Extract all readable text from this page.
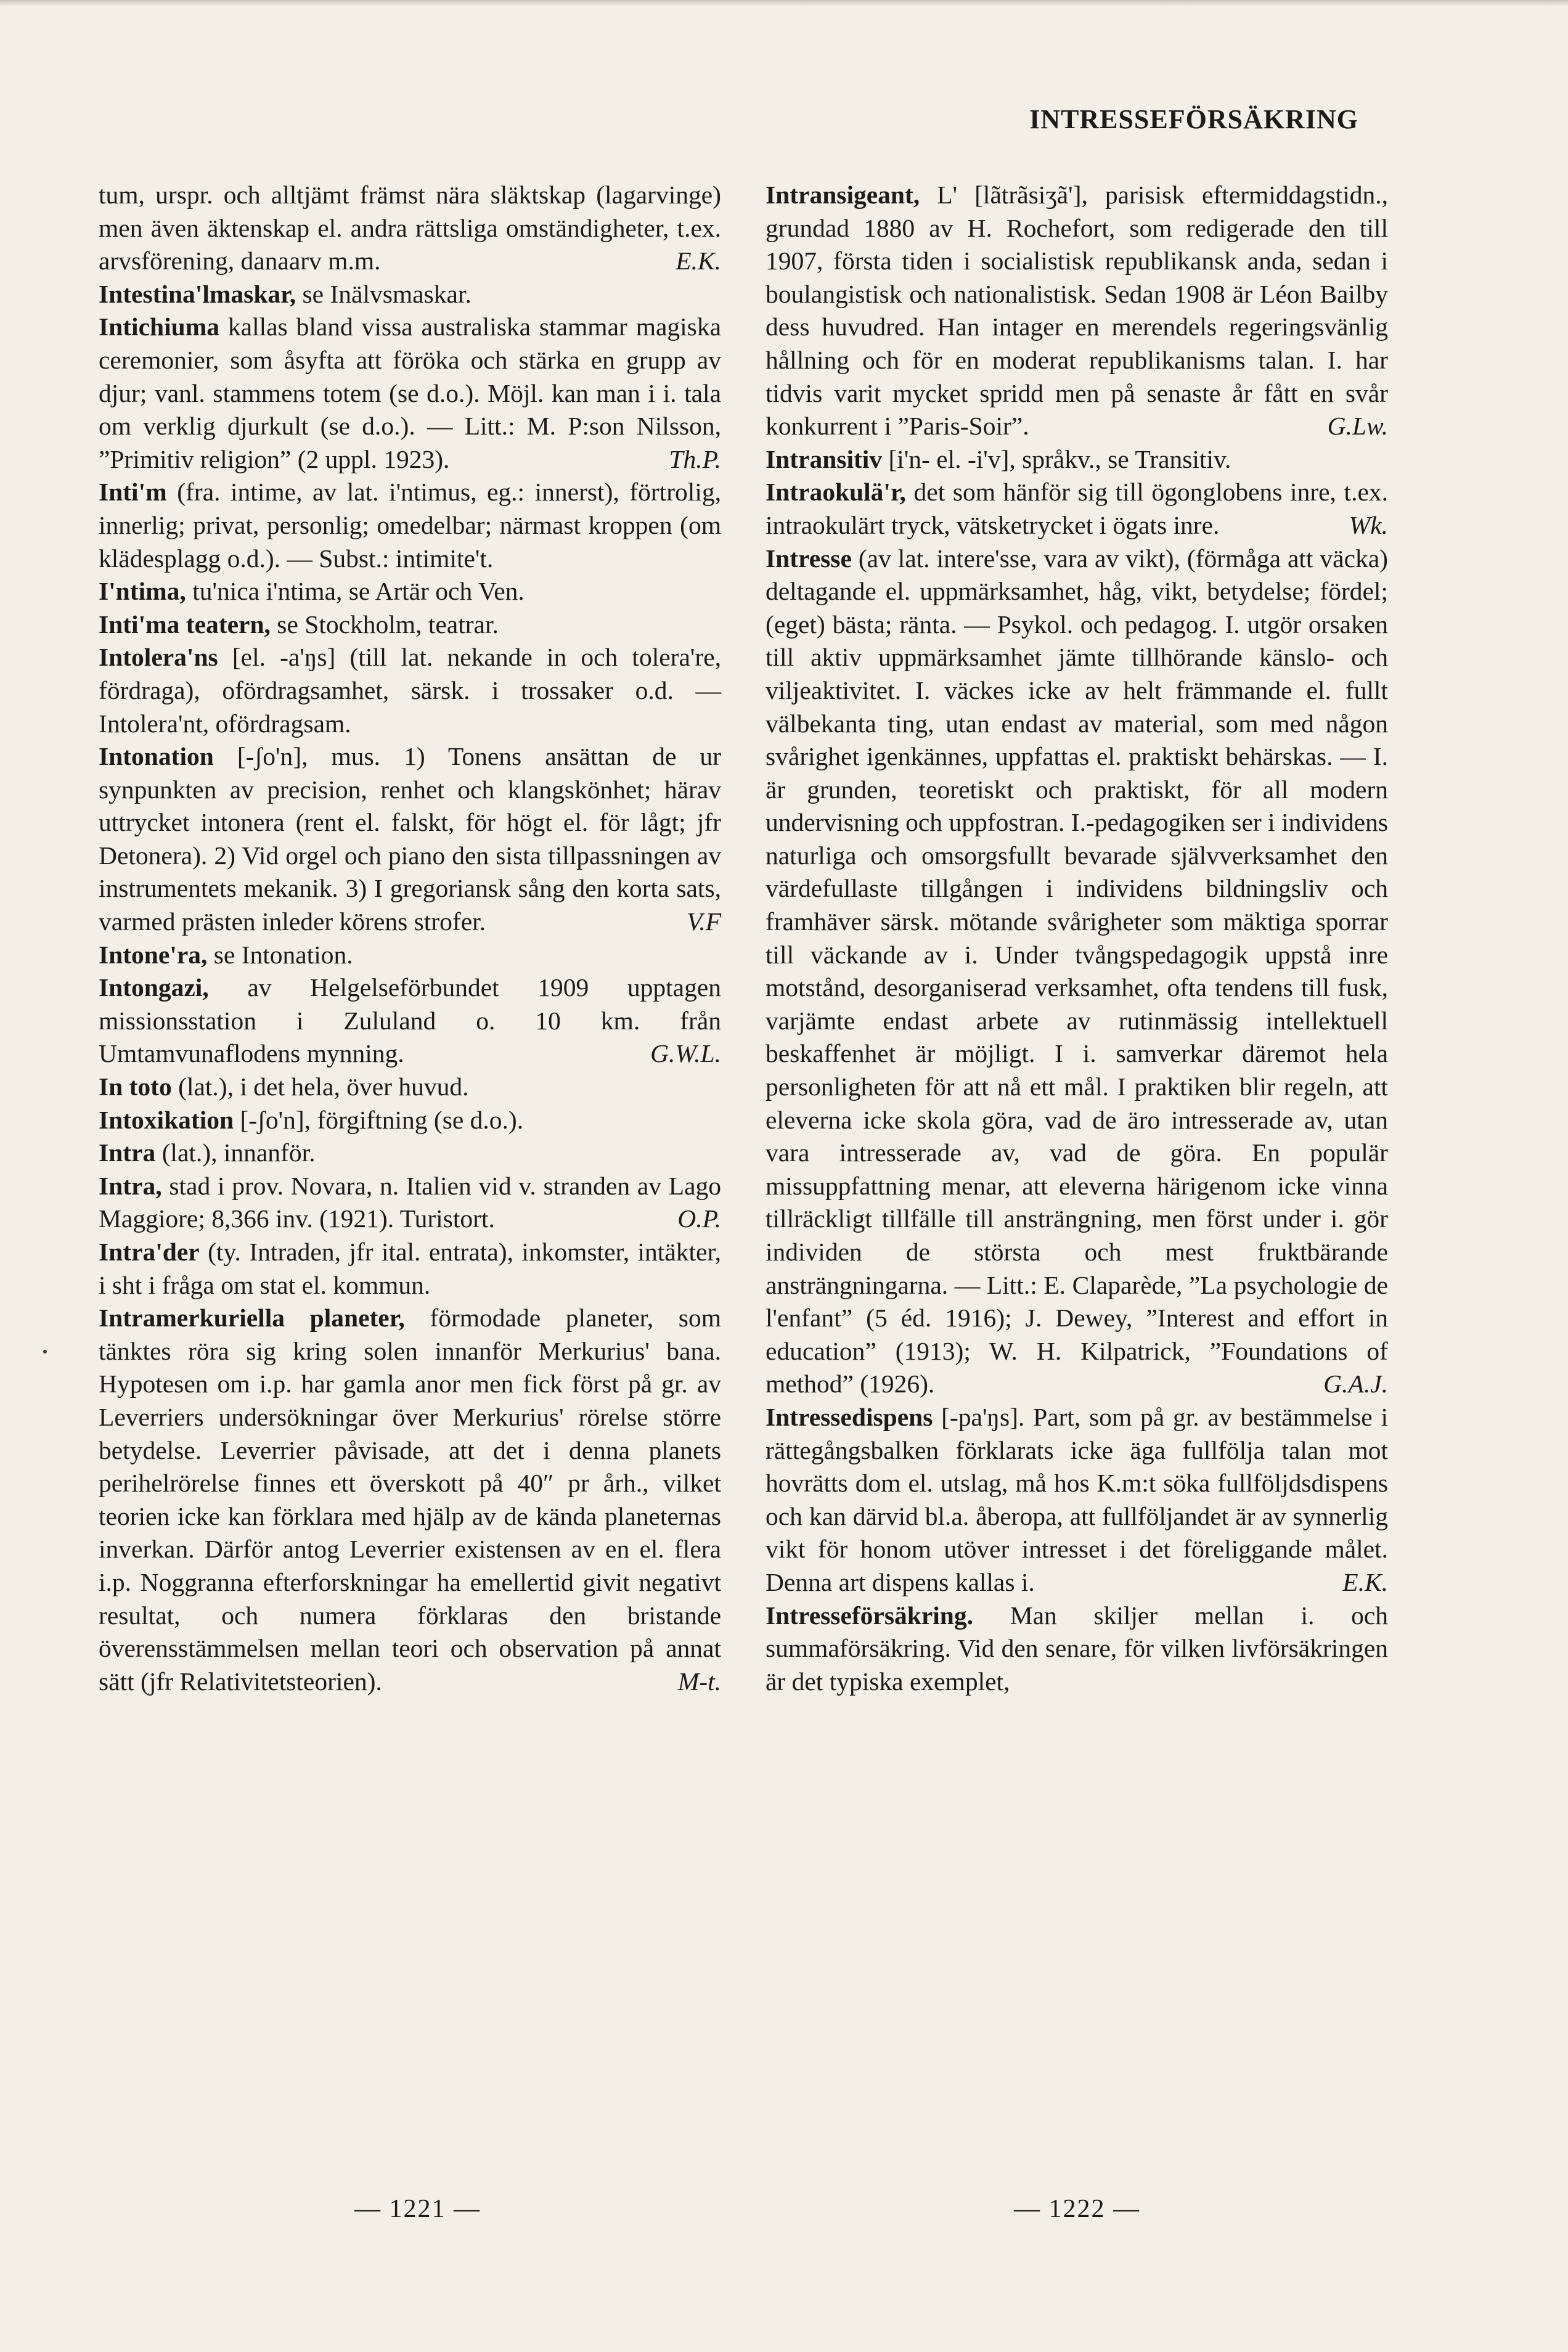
INTRESSEFÖRSÄKRING

tum, urspr. och alltjämt främst nära släktskap (lagarvinge) men även äktenskap el. andra rättsliga omständigheter, t.ex. arvsförening, danaarv m.m.	E.K.

Intestina'lmaskar, se Inälvsmaskar.

Intichiuma kallas bland vissa australiska stammar magiska ceremonier, som åsyfta att föröka och stärka en grupp av djur; vanl. stammens totem (se d.o.). Möjl. kan man i i. tala om verklig djurkult (se d.o.). — Litt.: M. P:son Nilsson, ”Primitiv religion” (2 uppl. 1923).	Th.P.

Inti'm (fra. intime, av lat. i'ntimus, eg.: innerst), förtrolig, innerlig; privat, personlig; omedelbar; närmast kroppen (om klädesplagg o.d.). — Subst.: intimite't.

I'ntima, tu'nica i'ntima, se Artär och Ven.

Inti'ma teatern, se Stockholm, teatrar.

Intolera'ns [el. -a'ŋs] (till lat. nekande in och tolera're, fördraga), ofördragsamhet, särsk. i trossaker o.d. — Intolera'nt, ofördragsam.

Intonation [-ʃo'n], mus. 1) Tonens ansättan de ur synpunkten av precision, renhet och klangskönhet; härav uttrycket intonera (rent el. falskt, för högt el. för lågt; jfr Detonera). 2) Vid orgel och piano den sista tillpassningen av instrumentets mekanik. 3) I gregoriansk sång den korta sats, varmed prästen inleder körens strofer.	V.F

Intone'ra, se Intonation.

Intongazi, av Helgelseförbundet 1909 upptagen missionsstation i Zululand o. 10 km. från Umtamvunaflodens mynning.	G.W.L.

In toto (lat.), i det hela, över huvud.

Intoxikation [-ʃo'n], förgiftning (se d.o.).

Intra (lat.), innanför.

Intra, stad i prov. Novara, n. Italien vid v. stranden av Lago Maggiore; 8,366 inv. (1921). Turistort.	O.P.

Intra'der (ty. Intraden, jfr ital. entrata), inkomster, intäkter, i sht i fråga om stat el. kommun.

Intramerkuriella planeter, förmodade planeter, som tänktes röra sig kring solen innanför Merkurius' bana. Hypotesen om i.p. har gamla anor men fick först på gr. av Leverriers undersökningar över Merkurius' rörelse större betydelse. Leverrier påvisade, att det i denna planets perihelrörelse finnes ett överskott på 40″ pr årh., vilket teorien icke kan förklara med hjälp av de kända planeternas inverkan. Därför antog Leverrier existensen av en el. flera i.p. Noggranna efterforskningar ha emellertid givit negativt resultat, och numera förklaras den bristande överensstämmelsen mellan teori och observation på annat sätt (jfr Relativitetsteorien).	M-t.

Intransigeant, L' [lãtrãsiʒã'], parisisk eftermiddagstidn., grundad 1880 av H. Rochefort, som redigerade den till 1907, första tiden i socialistisk republikansk anda, sedan i boulangistisk och nationalistisk. Sedan 1908 är Léon Bailby dess huvudred. Han intager en merendels regeringsvänlig hållning och för en moderat republikanisms talan. I. har tidvis varit mycket spridd men på senaste år fått en svår konkurrent i ”Paris-Soir”.	G.Lw.

Intransitiv [i'n- el. -i'v], språkv., se Transitiv.

Intraokulä'r, det som hänför sig till ögonglobens inre, t.ex. intraokulärt tryck, vätsketrycket i ögats inre.	Wk.

Intresse (av lat. intere'sse, vara av vikt), (förmåga att väcka) deltagande el. uppmärksamhet, håg, vikt, betydelse; fördel; (eget) bästa; ränta. — Psykol. och pedagog. I. utgör orsaken till aktiv uppmärksamhet jämte tillhörande känslo- och viljeaktivitet. I. väckes icke av helt främmande el. fullt välbekanta ting, utan endast av material, som med någon svårighet igenkännes, uppfattas el. praktiskt behärskas. — I. är grunden, teoretiskt och praktiskt, för all modern undervisning och uppfostran. I.-pedagogiken ser i individens naturliga och omsorgsfullt bevarade självverksamhet den värdefullaste tillgången i individens bildningsliv och framhäver särsk. mötande svårigheter som mäktiga sporrar till väckande av i. Under tvångspedagogik uppstå inre motstånd, desorganiserad verksamhet, ofta tendens till fusk, varjämte endast arbete av rutinmässig intellektuell beskaffenhet är möjligt. I i. samverkar däremot hela personligheten för att nå ett mål. I praktiken blir regeln, att eleverna icke skola göra, vad de äro intresserade av, utan vara intresserade av, vad de göra. En populär missuppfattning menar, att eleverna härigenom icke vinna tillräckligt tillfälle till ansträngning, men först under i. gör individen de största och mest fruktbärande ansträngningarna. — Litt.: E. Claparède, ”La psychologie de l'enfant” (5 éd. 1916); J. Dewey, ”Interest and effort in education” (1913); W. H. Kilpatrick, ”Foundations of method” (1926).	G.A.J.

Intressedispens [-pa'ŋs]. Part, som på gr. av bestämmelse i rättegångsbalken förklarats icke äga fullfölja talan mot hovrätts dom el. utslag, må hos K.m:t söka fullföljdsdispens och kan därvid bl.a. åberopa, att fullföljandet är av synnerlig vikt för honom utöver intresset i det föreliggande målet. Denna art dispens kallas i.	E.K.

Intresseförsäkring. Man skiljer mellan i. och summaförsäkring. Vid den senare, för vilken livförsäkringen är det typiska exemplet,

— 1221 —	— 1222 —
